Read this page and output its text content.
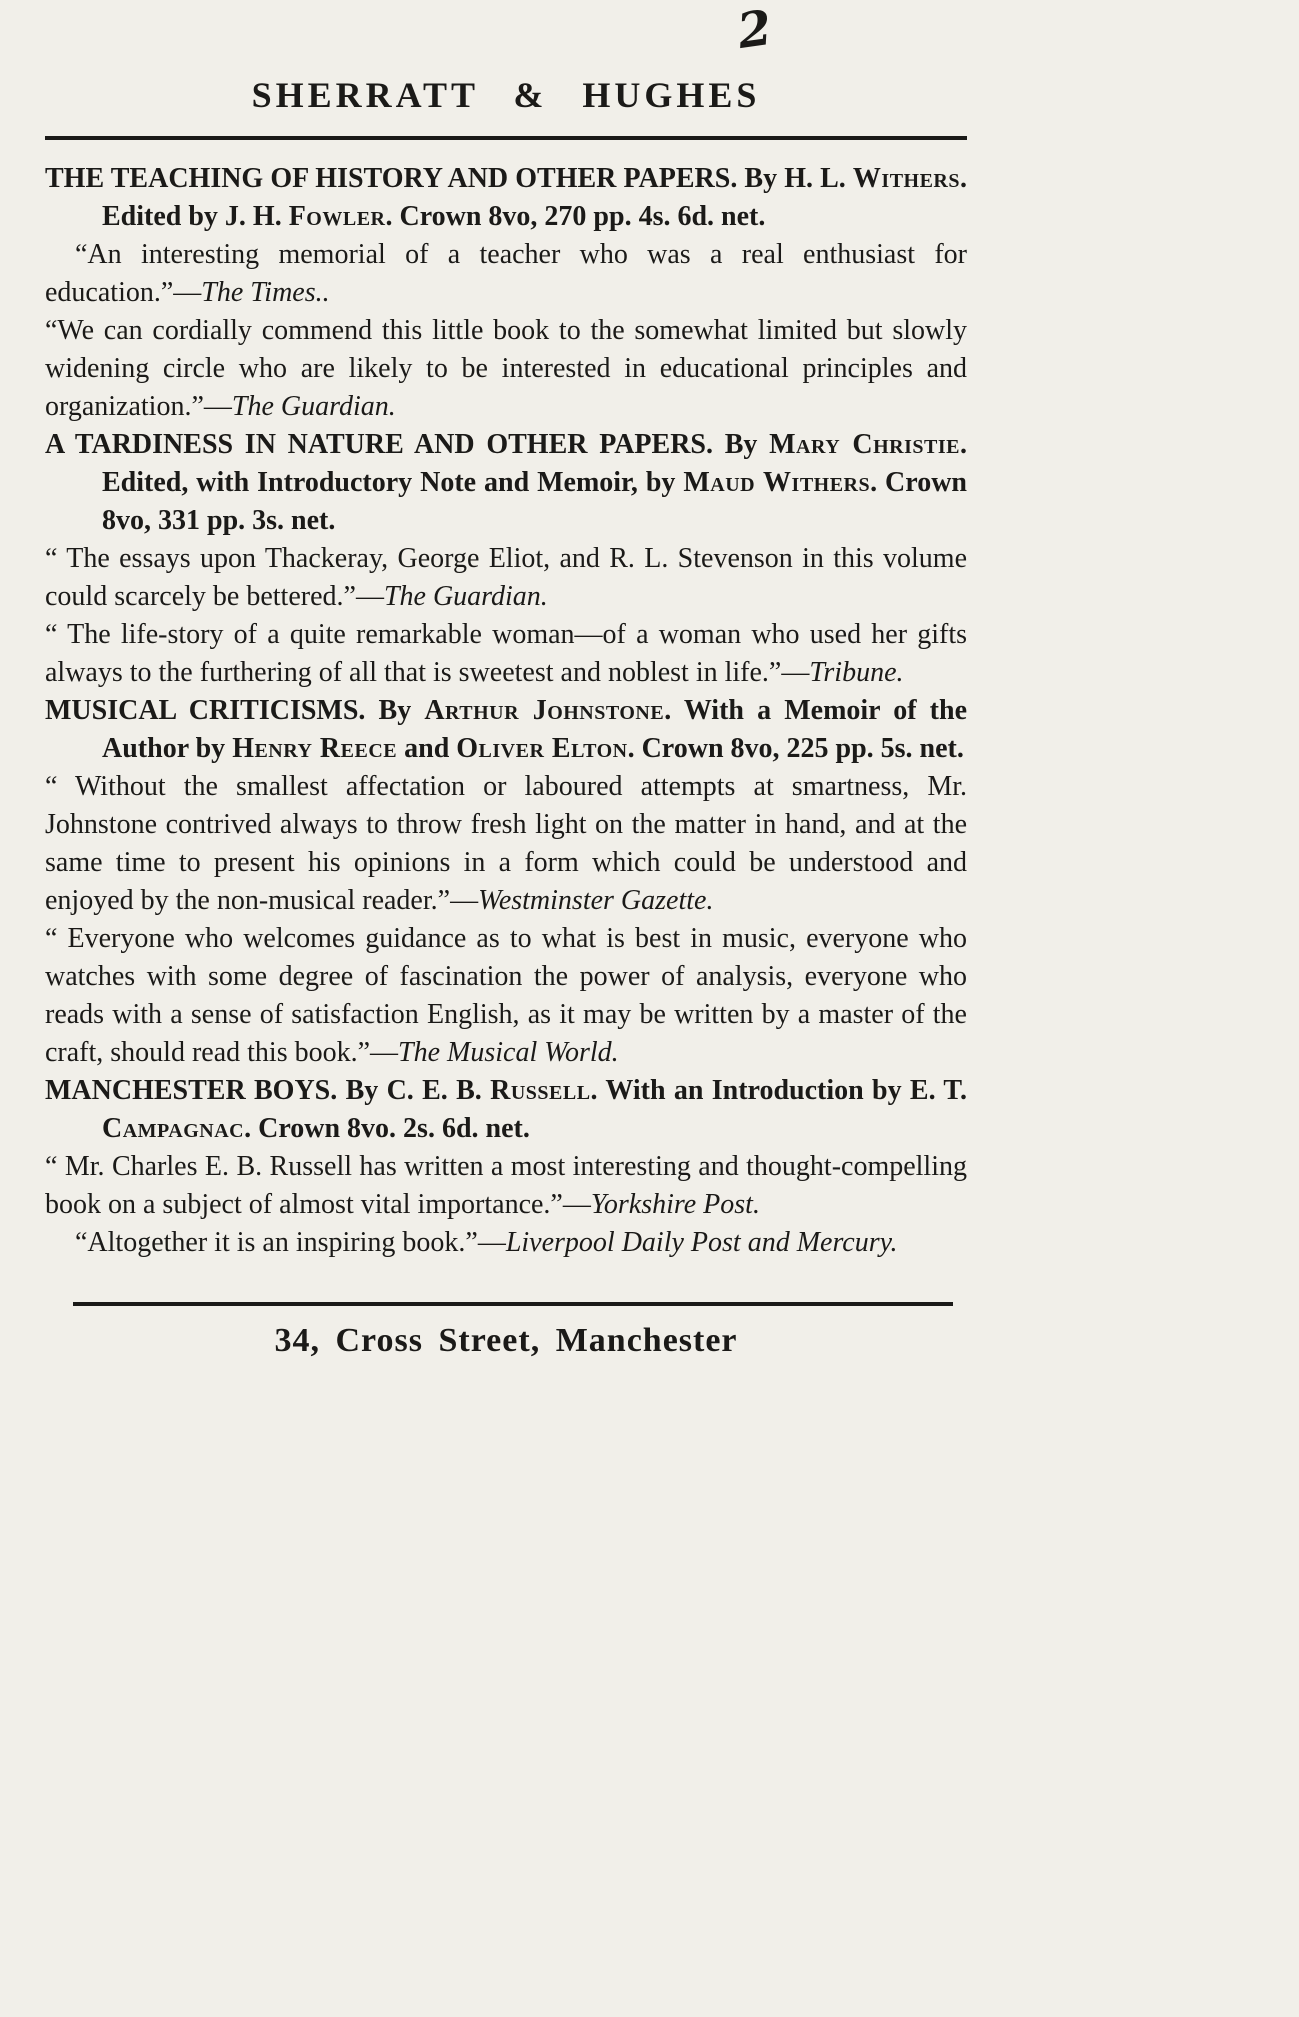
2
SHERRATT & HUGHES

THE TEACHING OF HISTORY AND OTHER PAPERS. By H. L. Withers. Edited by J. H. Fowler. Crown 8vo, 270 pp. 4s. 6d. net.

“An interesting memorial of a teacher who was a real enthusiast for education.”—The Times..

“We can cordially commend this little book to the somewhat limited but slowly widening circle who are likely to be interested in educational principles and organization.”—The Guardian.

A TARDINESS IN NATURE AND OTHER PAPERS. By Mary Christie. Edited, with Introductory Note and Memoir, by Maud Withers. Crown 8vo, 331 pp. 3s. net.

“ The essays upon Thackeray, George Eliot, and R. L. Stevenson in this volume could scarcely be bettered.”—The Guardian.

“ The life-story of a quite remarkable woman—of a woman who used her gifts always to the furthering of all that is sweetest and noblest in life.”—Tribune.

MUSICAL CRITICISMS. By Arthur Johnstone. With a Memoir of the Author by Henry Reece and Oliver Elton. Crown 8vo, 225 pp. 5s. net.

“ Without the smallest affectation or laboured attempts at smartness, Mr. Johnstone contrived always to throw fresh light on the matter in hand, and at the same time to present his opinions in a form which could be understood and enjoyed by the non-musical reader.”—Westminster Gazette.

“ Everyone who welcomes guidance as to what is best in music, everyone who watches with some degree of fascination the power of analysis, everyone who reads with a sense of satisfaction English, as it may be written by a master of the craft, should read this book.”—The Musical World.

MANCHESTER BOYS. By C. E. B. Russell. With an Introduction by E. T. Campagnac. Crown 8vo. 2s. 6d. net.

“ Mr. Charles E. B. Russell has written a most interesting and thought-compelling book on a subject of almost vital importance.”—Yorkshire Post.

“Altogether it is an inspiring book.”—Liverpool Daily Post and Mercury.

34, Cross Street, Manchester
